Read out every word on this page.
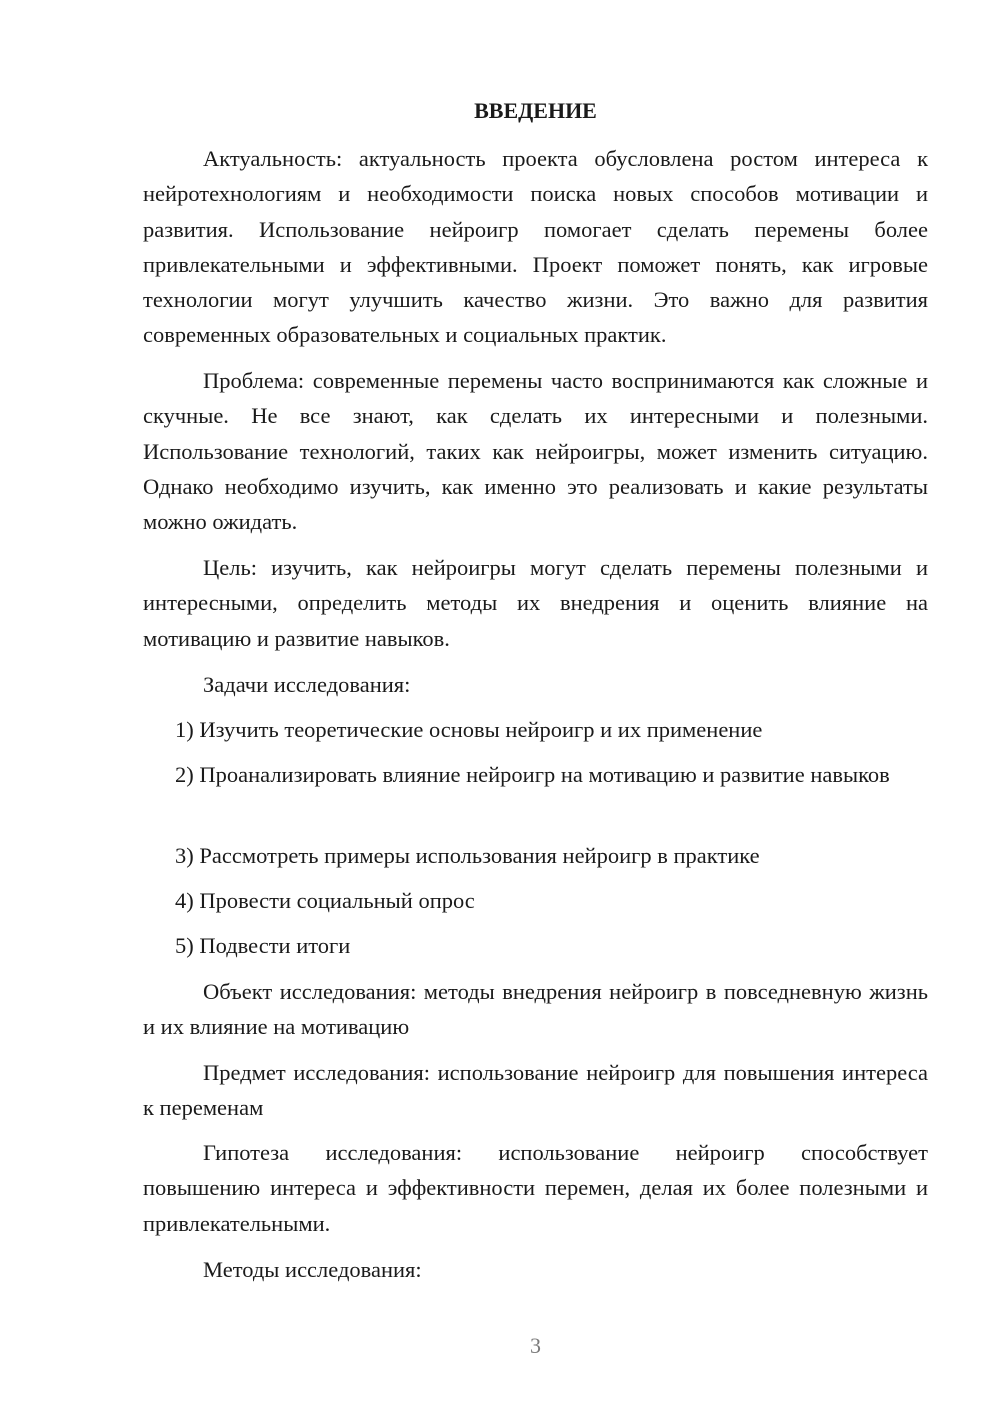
ВВЕДЕНИЕ

Актуальность: актуальность проекта обусловлена ростом интереса к нейротехнологиям и необходимости поиска новых способов мотивации и развития. Использование нейроигр помогает сделать перемены более привлекательными и эффективными. Проект поможет понять, как игровые технологии могут улучшить качество жизни. Это важно для развития современных образовательных и социальных практик.

Проблема: современные перемены часто воспринимаются как сложные и скучные. Не все знают, как сделать их интересными и полезными. Использование технологий, таких как нейроигры, может изменить ситуацию. Однако необходимо изучить, как именно это реализовать и какие результаты можно ожидать.

Цель: изучить, как нейроигры могут сделать перемены полезными и интересными, определить методы их внедрения и оценить влияние на мотивацию и развитие навыков.

Задачи исследования:

1) Изучить теоретические основы нейроигр и их применение

2) Проанализировать влияние нейроигр на мотивацию и развитие навыков

3) Рассмотреть примеры использования нейроигр в практике

4) Провести социальный опрос

5) Подвести итоги

Объект исследования: методы внедрения нейроигр в повседневную жизнь и их влияние на мотивацию

Предмет исследования: использование нейроигр для повышения интереса к переменам

Гипотеза исследования: использование нейроигр способствует повышению интереса и эффективности перемен, делая их более полезными и привлекательными.

Методы исследования:

3
